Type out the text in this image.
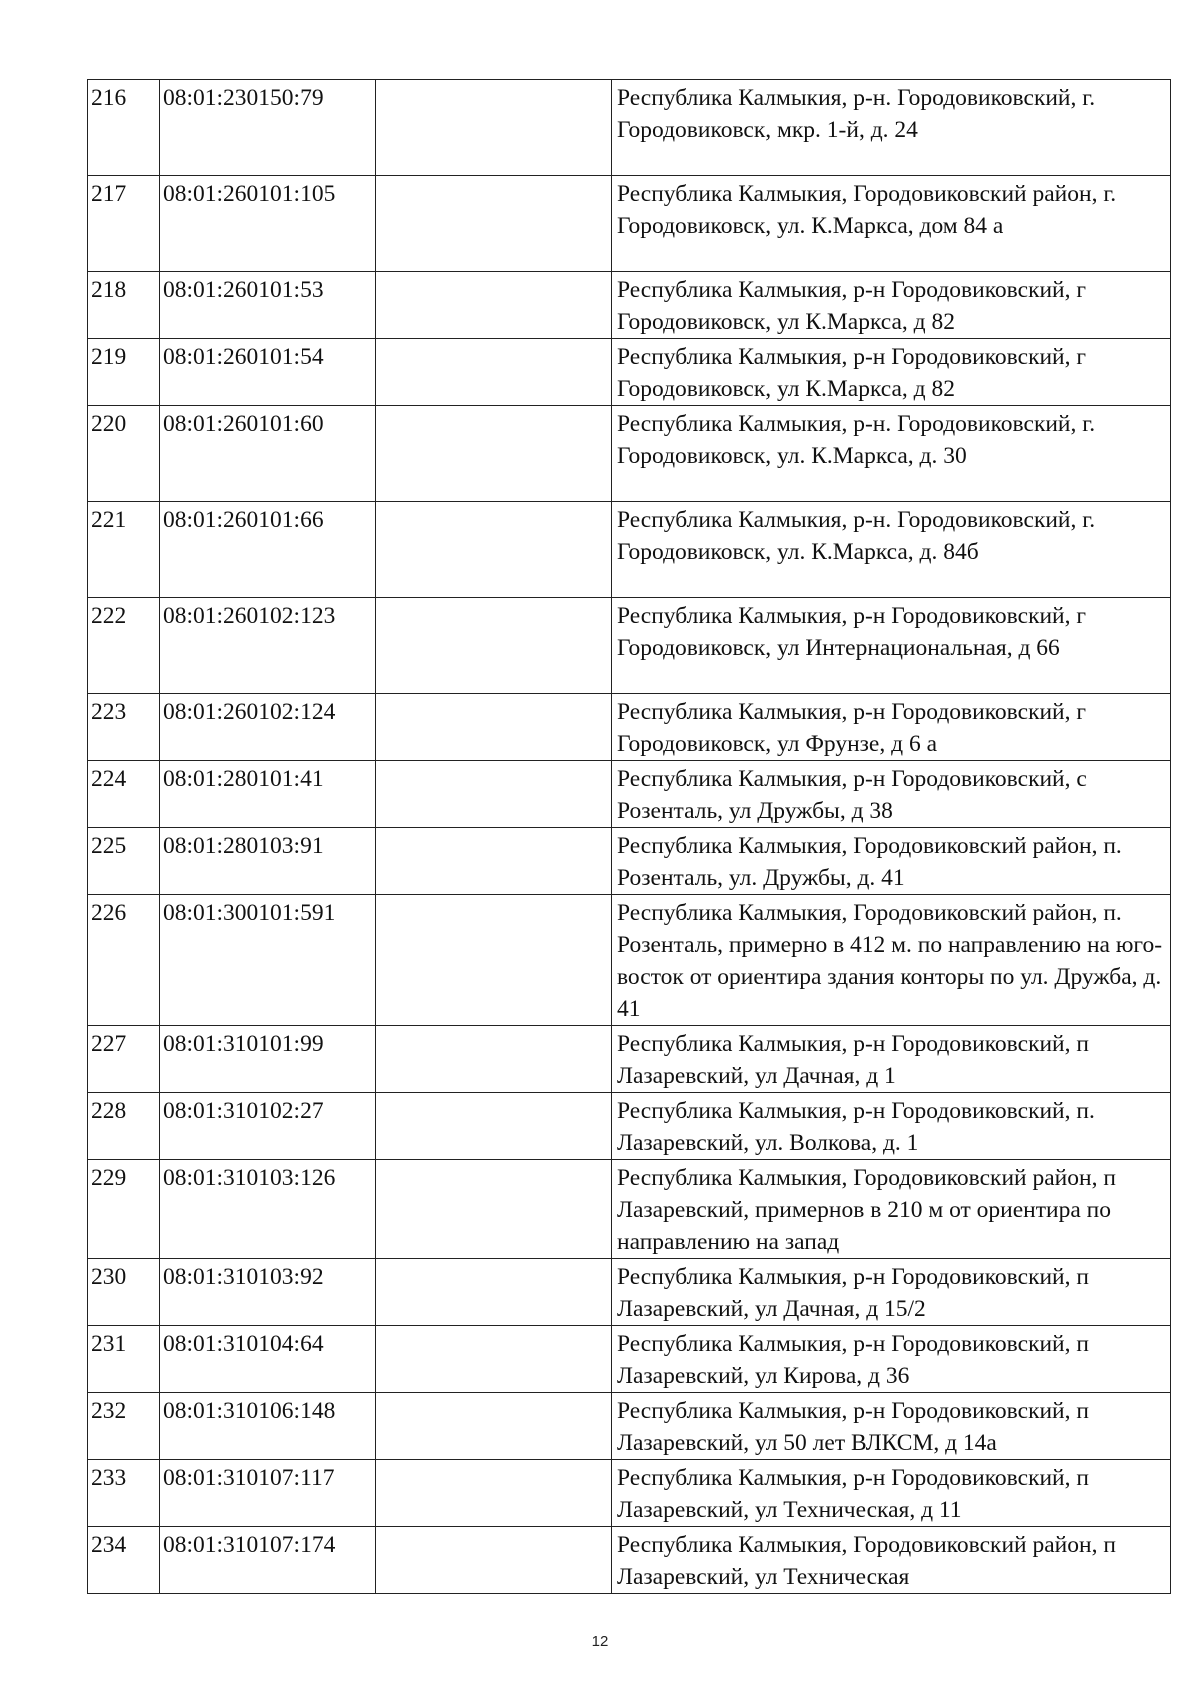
216	08:01:230150:79		Республика Калмыкия, р-н. Городовиковский, г. Городовиковск, мкр. 1-й, д. 24
217	08:01:260101:105		Республика Калмыкия, Городовиковский район, г. Городовиковск, ул. К.Маркса, дом 84 а
218	08:01:260101:53		Республика Калмыкия, р-н Городовиковский, г Городовиковск, ул К.Маркса, д 82
219	08:01:260101:54		Республика Калмыкия, р-н Городовиковский, г Городовиковск, ул К.Маркса, д 82
220	08:01:260101:60		Республика Калмыкия, р-н. Городовиковский, г. Городовиковск, ул. К.Маркса, д. 30
221	08:01:260101:66		Республика Калмыкия, р-н. Городовиковский, г. Городовиковск, ул. К.Маркса, д. 84б
222	08:01:260102:123		Республика Калмыкия, р-н Городовиковский, г Городовиковск, ул Интернациональная, д 66
223	08:01:260102:124		Республика Калмыкия, р-н Городовиковский, г Городовиковск, ул Фрунзе, д 6 а
224	08:01:280101:41		Республика Калмыкия, р-н Городовиковский, с Розенталь, ул Дружбы, д 38
225	08:01:280103:91		Республика Калмыкия, Городовиковский район, п. Розенталь, ул. Дружбы, д. 41
226	08:01:300101:591		Республика Калмыкия, Городовиковский район, п. Розенталь, примерно в 412 м. по направлению на юго-восток от ориентира здания конторы по ул. Дружба, д. 41
227	08:01:310101:99		Республика Калмыкия, р-н Городовиковский, п Лазаревский, ул Дачная, д 1
228	08:01:310102:27		Республика Калмыкия, р-н Городовиковский, п. Лазаревский, ул. Волкова, д. 1
229	08:01:310103:126		Республика Калмыкия, Городовиковский район, п Лазаревский, примернов в 210 м от ориентира по направлению на запад
230	08:01:310103:92		Республика Калмыкия, р-н Городовиковский, п Лазаревский, ул Дачная, д 15/2
231	08:01:310104:64		Республика Калмыкия, р-н Городовиковский, п Лазаревский, ул Кирова, д 36
232	08:01:310106:148		Республика Калмыкия, р-н Городовиковский, п Лазаревский, ул 50 лет ВЛКСМ, д 14а
233	08:01:310107:117		Республика Калмыкия, р-н Городовиковский, п Лазаревский, ул Техническая, д 11
234	08:01:310107:174		Республика Калмыкия, Городовиковский район, п Лазаревский, ул Техническая
12
